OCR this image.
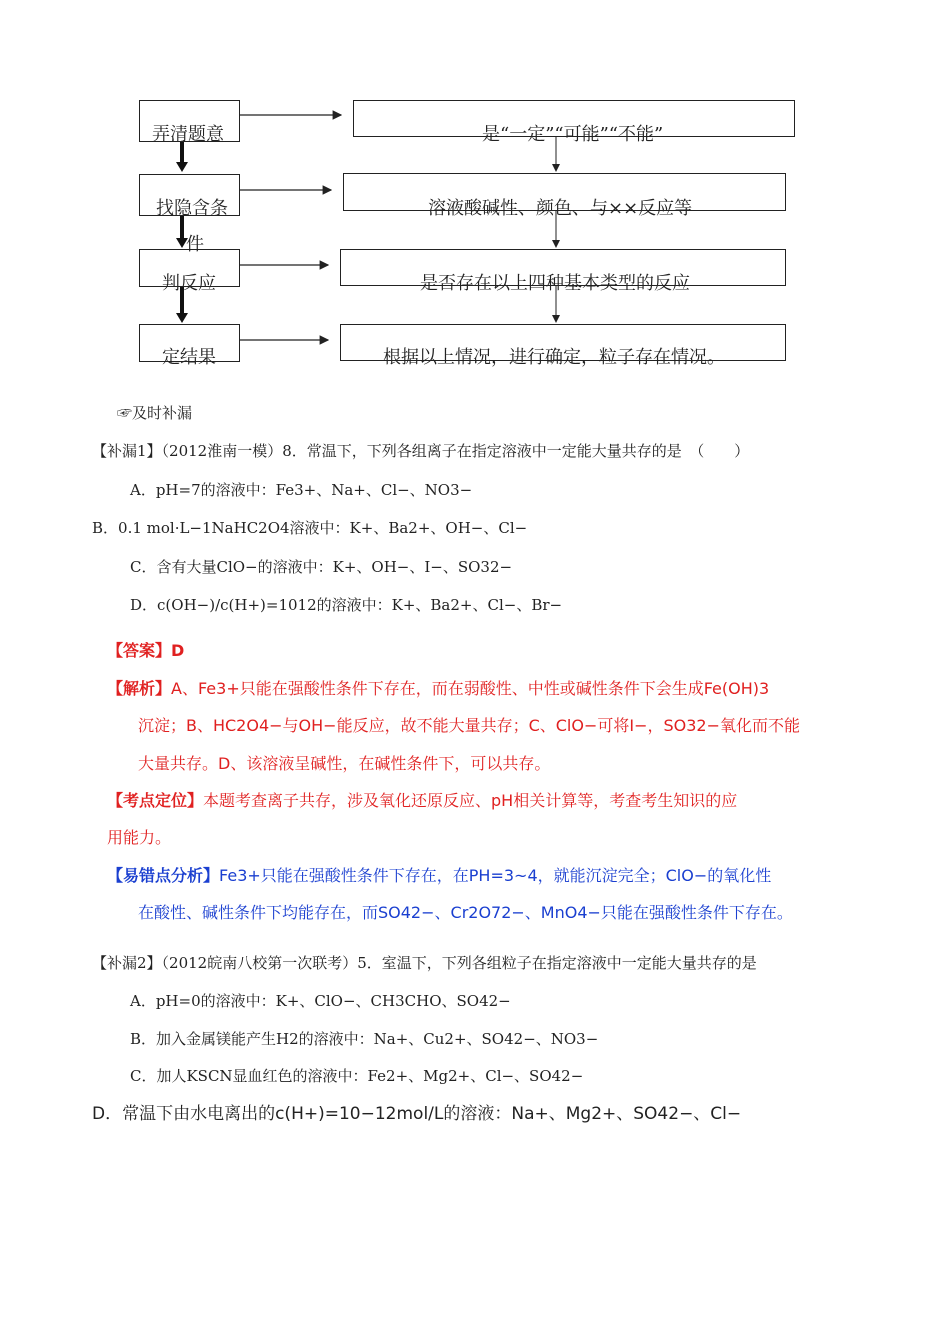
弄清题意
找隐含条
件
判反应
定结果
是“一定”“可能”“不能”
溶液酸碱性、颜色、与××反应等
是否存在以上四种基本类型的反应
根据以上情况，进行确定，粒子存在情况。
☞及时补漏
【补漏1】（2012淮南一模）8．常温下，下列各组离子在指定溶液中一定能大量共存的是　（　　）
A．pH=7的溶液中：Fe3+、Na+、Cl−、NO3−
B．0.1 mol·L−1NaHC2O4溶液中：K+、Ba2+、OH−、Cl−
C．含有大量ClO−的溶液中：K+、OH−、I−、SO32−
D．c(OH−)/c(H+)=1012的溶液中：K+、Ba2+、Cl−、Br−
【答案】D
【解析】A、Fe3+只能在强酸性条件下存在，而在弱酸性、中性或碱性条件下会生成Fe(OH)3
沉淀；B、HC2O4−与OH−能反应，故不能大量共存；C、ClO−可将I−，SO32−氧化而不能
大量共存。D、该溶液呈碱性，在碱性条件下，可以共存。
【考点定位】本题考查离子共存，涉及氧化还原反应、pH相关计算等，考查考生知识的应
用能力。
【易错点分析】Fe3+只能在强酸性条件下存在，在PH=3~4，就能沉淀完全；ClO−的氧化性
在酸性、碱性条件下均能存在，而SO42−、Cr2O72−、MnO4−只能在强酸性条件下存在。
【补漏2】（2012皖南八校第一次联考）5．室温下，下列各组粒子在指定溶液中一定能大量共存的是
A．pH=0的溶液中：K+、ClO−、CH3CHO、SO42−
B．加入金属镁能产生H2的溶液中：Na+、Cu2+、SO42−、NO3−
C．加人KSCN显血红色的溶液中：Fe2+、Mg2+、Cl−、SO42−
D．常温下由水电离出的c(H+)=10−12mol/L的溶液：Na+、Mg2+、SO42−、Cl−
